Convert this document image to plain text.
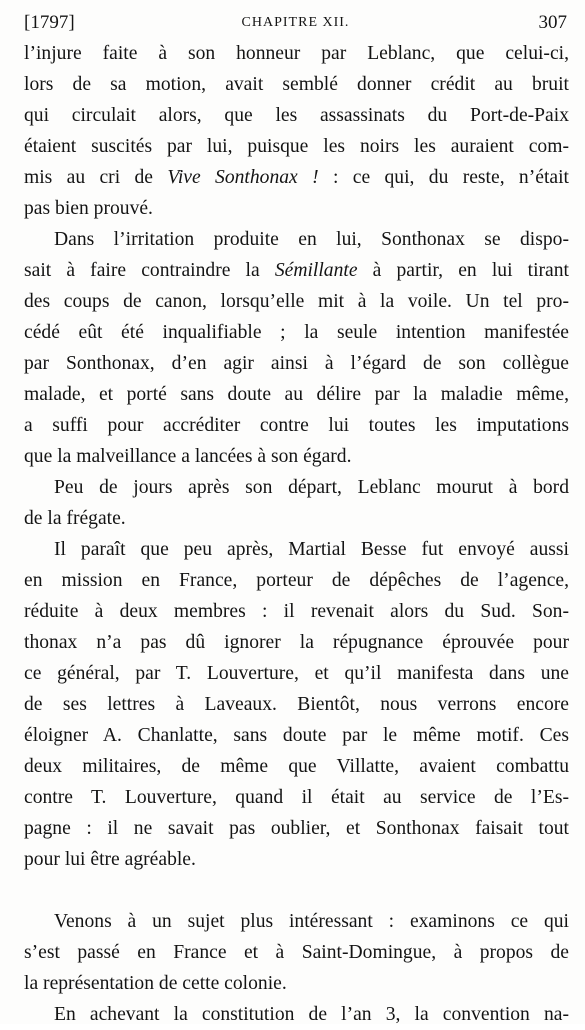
[1797]	CHAPITRE XII.	307

l’injure faite à son honneur par Leblanc, que celui-ci,
lors de sa motion, avait semblé donner crédit au bruit
qui circulait alors, que les assassinats du Port-de-Paix
étaient suscités par lui, puisque les noirs les auraient com-
mis au cri de Vive Sonthonax ! : ce qui, du reste, n’était
pas bien prouvé.

Dans l’irritation produite en lui, Sonthonax se dispo-
sait à faire contraindre la Sémillante à partir, en lui tirant
des coups de canon, lorsqu’elle mit à la voile. Un tel pro-
cédé eût été inqualifiable ; la seule intention manifestée
par Sonthonax, d’en agir ainsi à l’égard de son collègue
malade, et porté sans doute au délire par la maladie même,
a suffi pour accréditer contre lui toutes les imputations
que la malveillance a lancées à son égard.

Peu de jours après son départ, Leblanc mourut à bord
de la frégate.

Il paraît que peu après, Martial Besse fut envoyé aussi
en mission en France, porteur de dépêches de l’agence,
réduite à deux membres : il revenait alors du Sud. Son-
thonax n’a pas dû ignorer la répugnance éprouvée pour
ce général, par T. Louverture, et qu’il manifesta dans une
de ses lettres à Laveaux. Bientôt, nous verrons encore
éloigner A. Chanlatte, sans doute par le même motif. Ces
deux militaires, de même que Villatte, avaient combattu
contre T. Louverture, quand il était au service de l’Es-
pagne : il ne savait pas oublier, et Sonthonax faisait tout
pour lui être agréable.

Venons à un sujet plus intéressant : examinons ce qui
s’est passé en France et à Saint-Domingue, à propos de
la représentation de cette colonie.

En achevant la constitution de l’an 3, la convention na-
